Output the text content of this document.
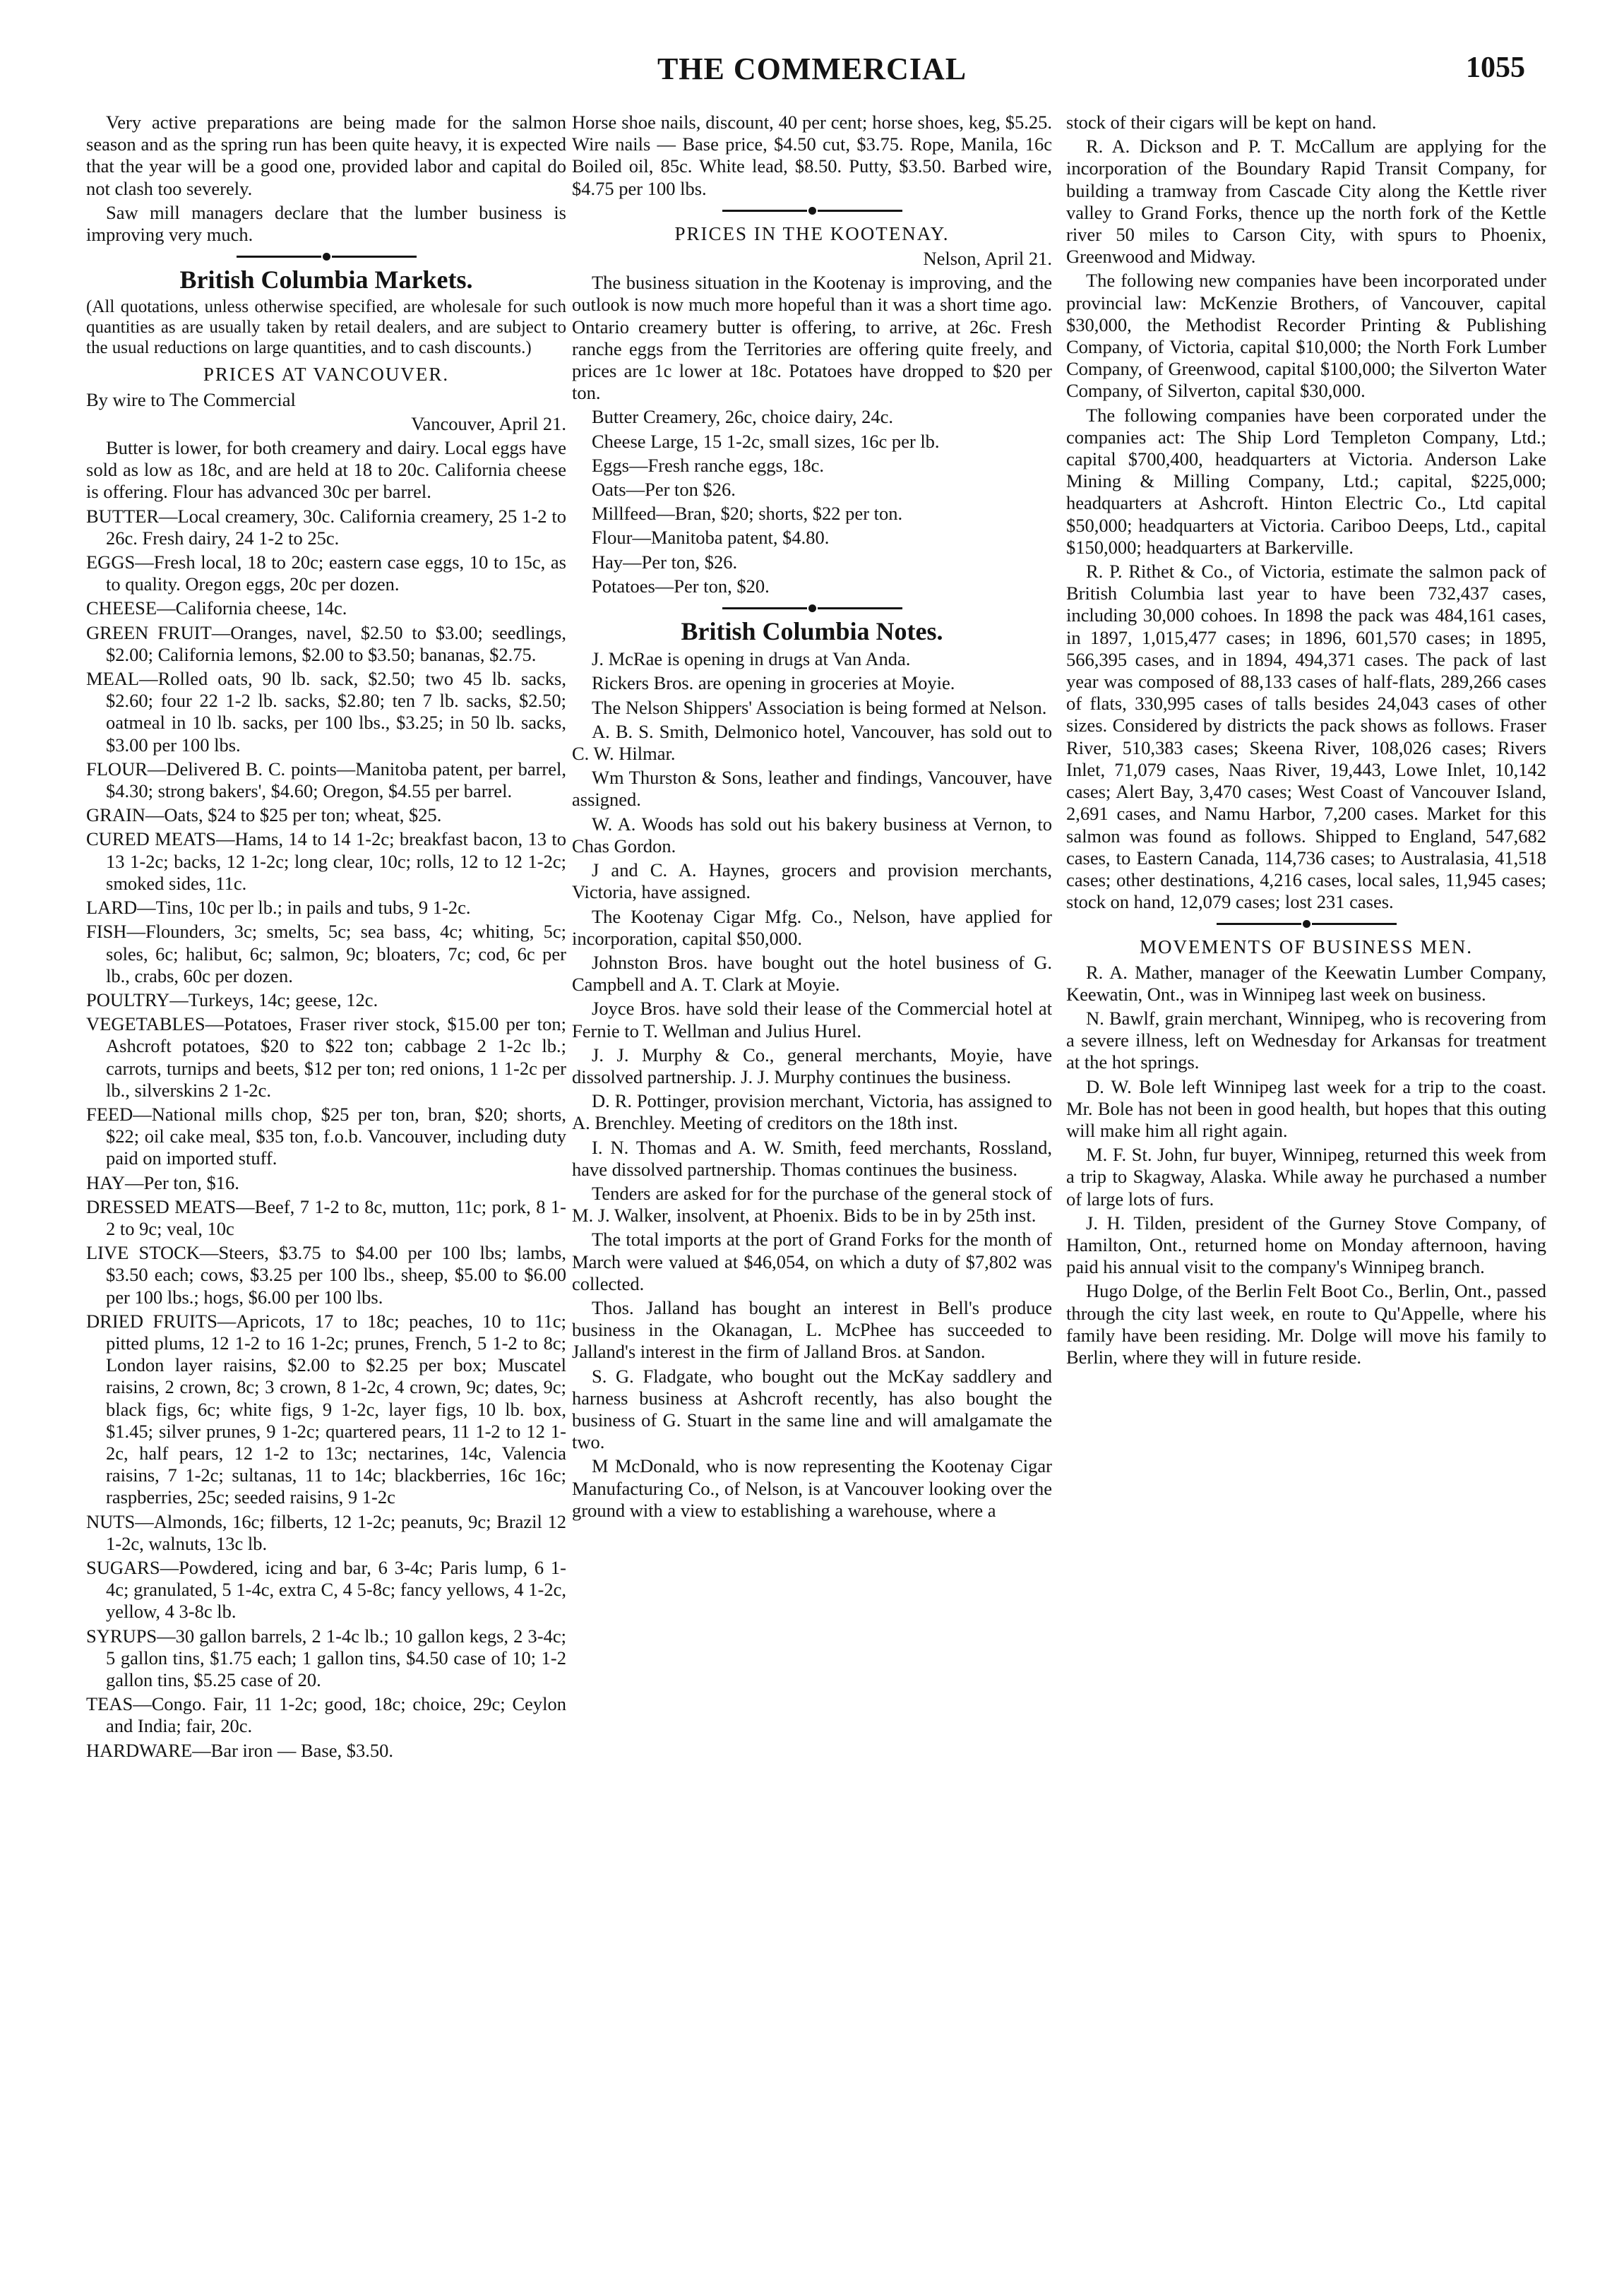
THE COMMERCIAL	1055

Very active preparations are being made for the salmon season and as the spring run has been quite heavy, it is expected that the year will be a good one, provided labor and capital do not clash too severely.

Saw mill managers declare that the lumber business is improving very much.

British Columbia Markets.

(All quotations, unless otherwise specified, are wholesale for such quantities as are usually taken by retail dealers, and are subject to the usual reductions on large quantities, and to cash discounts.)

PRICES AT VANCOUVER.

By wire to The Commercial

Vancouver, April 21.

Butter is lower, for both creamery and dairy. Local eggs have sold as low as 18c, and are held at 18 to 20c. California cheese is offering. Flour has advanced 30c per barrel.

BUTTER—Local creamery, 30c. California creamery, 25 1-2 to 26c. Fresh dairy, 24 1-2 to 25c.

EGGS—Fresh local, 18 to 20c; eastern case eggs, 10 to 15c, as to quality. Oregon eggs, 20c per dozen.

CHEESE—California cheese, 14c.

GREEN FRUIT—Oranges, navel, $2.50 to $3.00; seedlings, $2.00; California lemons, $2.00 to $3.50; bananas, $2.75.

MEAL—Rolled oats, 90 lb. sack, $2.50; two 45 lb. sacks, $2.60; four 22 1-2 lb. sacks, $2.80; ten 7 lb. sacks, $2.50; oatmeal in 10 lb. sacks, per 100 lbs., $3.25; in 50 lb. sacks, $3.00 per 100 lbs.

FLOUR—Delivered B. C. points—Manitoba patent, per barrel, $4.30; strong bakers', $4.60; Oregon, $4.55 per barrel.

GRAIN—Oats, $24 to $25 per ton; wheat, $25.

CURED MEATS—Hams, 14 to 14 1-2c; breakfast bacon, 13 to 13 1-2c; backs, 12 1-2c; long clear, 10c; rolls, 12 to 12 1-2c; smoked sides, 11c.

LARD—Tins, 10c per lb.; in pails and tubs, 9 1-2c.

FISH—Flounders, 3c; smelts, 5c; sea bass, 4c; whiting, 5c; soles, 6c; halibut, 6c; salmon, 9c; bloaters, 7c; cod, 6c per lb., crabs, 60c per dozen.

POULTRY—Turkeys, 14c; geese, 12c.

VEGETABLES—Potatoes, Fraser river stock, $15.00 per ton; Ashcroft potatoes, $20 to $22 ton; cabbage 2 1-2c lb.; carrots, turnips and beets, $12 per ton; red onions, 1 1-2c per lb., silverskins 2 1-2c.

FEED—National mills chop, $25 per ton, bran, $20; shorts, $22; oil cake meal, $35 ton, f.o.b. Vancouver, including duty paid on imported stuff.

HAY—Per ton, $16.

DRESSED MEATS—Beef, 7 1-2 to 8c, mutton, 11c; pork, 8 1-2 to 9c; veal, 10c

LIVE STOCK—Steers, $3.75 to $4.00 per 100 lbs; lambs, $3.50 each; cows, $3.25 per 100 lbs., sheep, $5.00 to $6.00 per 100 lbs.; hogs, $6.00 per 100 lbs.

DRIED FRUITS—Apricots, 17 to 18c; peaches, 10 to 11c; pitted plums, 12 1-2 to 16 1-2c; prunes, French, 5 1-2 to 8c; London layer raisins, $2.00 to $2.25 per box; Muscatel raisins, 2 crown, 8c; 3 crown, 8 1-2c, 4 crown, 9c; dates, 9c; black figs, 6c; white figs, 9 1-2c, layer figs, 10 lb. box, $1.45; silver prunes, 9 1-2c; quartered pears, 11 1-2 to 12 1-2c, half pears, 12 1-2 to 13c; nectarines, 14c, Valencia raisins, 7 1-2c; sultanas, 11 to 14c; blackberries, 16c 16c; raspberries, 25c; seeded raisins, 9 1-2c

NUTS—Almonds, 16c; filberts, 12 1-2c; peanuts, 9c; Brazil 12 1-2c, walnuts, 13c lb.

SUGARS—Powdered, icing and bar, 6 3-4c; Paris lump, 6 1-4c; granulated, 5 1-4c, extra C, 4 5-8c; fancy yellows, 4 1-2c, yellow, 4 3-8c lb.

SYRUPS—30 gallon barrels, 2 1-4c lb.; 10 gallon kegs, 2 3-4c; 5 gallon tins, $1.75 each; 1 gallon tins, $4.50 case of 10; 1-2 gallon tins, $5.25 case of 20.

TEAS—Congo. Fair, 11 1-2c; good, 18c; choice, 29c; Ceylon and India; fair, 20c.

HARDWARE—Bar iron — Base, $3.50.

Horse shoe nails, discount, 40 per cent; horse shoes, keg, $5.25. Wire nails — Base price, $4.50 cut, $3.75. Rope, Manila, 16c Boiled oil, 85c. White lead, $8.50. Putty, $3.50. Barbed wire, $4.75 per 100 lbs.

PRICES IN THE KOOTENAY.

Nelson, April 21.

The business situation in the Kootenay is improving, and the outlook is now much more hopeful than it was a short time ago. Ontario creamery butter is offering, to arrive, at 26c. Fresh ranche eggs from the Territories are offering quite freely, and prices are 1c lower at 18c. Potatoes have dropped to $20 per ton.

Butter Creamery, 26c, choice dairy, 24c.

Cheese Large, 15 1-2c, small sizes, 16c per lb.

Eggs—Fresh ranche eggs, 18c.

Oats—Per ton $26.

Millfeed—Bran, $20; shorts, $22 per ton.

Flour—Manitoba patent, $4.80.

Hay—Per ton, $26.

Potatoes—Per ton, $20.

British Columbia Notes.

J. McRae is opening in drugs at Van Anda.

Rickers Bros. are opening in groceries at Moyie.

The Nelson Shippers' Association is being formed at Nelson.

A. B. S. Smith, Delmonico hotel, Vancouver, has sold out to C. W. Hilmar.

Wm Thurston & Sons, leather and findings, Vancouver, have assigned.

W. A. Woods has sold out his bakery business at Vernon, to Chas Gordon.

J and C. A. Haynes, grocers and provision merchants, Victoria, have assigned.

The Kootenay Cigar Mfg. Co., Nelson, have applied for incorporation, capital $50,000.

Johnston Bros. have bought out the hotel business of G. Campbell and A. T. Clark at Moyie.

Joyce Bros. have sold their lease of the Commercial hotel at Fernie to T. Wellman and Julius Hurel.

J. J. Murphy & Co., general merchants, Moyie, have dissolved partnership. J. J. Murphy continues the business.

D. R. Pottinger, provision merchant, Victoria, has assigned to A. Brenchley. Meeting of creditors on the 18th inst.

I. N. Thomas and A. W. Smith, feed merchants, Rossland, have dissolved partnership. Thomas continues the business.

Tenders are asked for for the purchase of the general stock of M. J. Walker, insolvent, at Phoenix. Bids to be in by 25th inst.

The total imports at the port of Grand Forks for the month of March were valued at $46,054, on which a duty of $7,802 was collected.

Thos. Jalland has bought an interest in Bell's produce business in the Okanagan, L. McPhee has succeeded to Jalland's interest in the firm of Jalland Bros. at Sandon.

S. G. Fladgate, who bought out the McKay saddlery and harness business at Ashcroft recently, has also bought the business of G. Stuart in the same line and will amalgamate the two.

M McDonald, who is now representing the Kootenay Cigar Manufacturing Co., of Nelson, is at Vancouver looking over the ground with a view to establishing a warehouse, where a

stock of their cigars will be kept on hand.

R. A. Dickson and P. T. McCallum are applying for the incorporation of the Boundary Rapid Transit Company, for building a tramway from Cascade City along the Kettle river valley to Grand Forks, thence up the north fork of the Kettle river 50 miles to Carson City, with spurs to Phoenix, Greenwood and Midway.

The following new companies have been incorporated under provincial law: McKenzie Brothers, of Vancouver, capital $30,000, the Methodist Recorder Printing & Publishing Company, of Victoria, capital $10,000; the North Fork Lumber Company, of Greenwood, capital $100,000; the Silverton Water Company, of Silverton, capital $30,000.

The following companies have been corporated under the companies act: The Ship Lord Templeton Company, Ltd.; capital $700,400, headquarters at Victoria. Anderson Lake Mining & Milling Company, Ltd.; capital, $225,000; headquarters at Ashcroft. Hinton Electric Co., Ltd capital $50,000; headquarters at Victoria. Cariboo Deeps, Ltd., capital $150,000; headquarters at Barkerville.

R. P. Rithet & Co., of Victoria, estimate the salmon pack of British Columbia last year to have been 732,437 cases, including 30,000 cohoes. In 1898 the pack was 484,161 cases, in 1897, 1,015,477 cases; in 1896, 601,570 cases; in 1895, 566,395 cases, and in 1894, 494,371 cases. The pack of last year was composed of 88,133 cases of half-flats, 289,266 cases of flats, 330,995 cases of talls besides 24,043 cases of other sizes. Considered by districts the pack shows as follows. Fraser River, 510,383 cases; Skeena River, 108,026 cases; Rivers Inlet, 71,079 cases, Naas River, 19,443, Lowe Inlet, 10,142 cases; Alert Bay, 3,470 cases; West Coast of Vancouver Island, 2,691 cases, and Namu Harbor, 7,200 cases. Market for this salmon was found as follows. Shipped to England, 547,682 cases, to Eastern Canada, 114,736 cases; to Australasia, 41,518 cases; other destinations, 4,216 cases, local sales, 11,945 cases; stock on hand, 12,079 cases; lost 231 cases.

MOVEMENTS OF BUSINESS MEN.

R. A. Mather, manager of the Keewatin Lumber Company, Keewatin, Ont., was in Winnipeg last week on business.

N. Bawlf, grain merchant, Winnipeg, who is recovering from a severe illness, left on Wednesday for Arkansas for treatment at the hot springs.

D. W. Bole left Winnipeg last week for a trip to the coast. Mr. Bole has not been in good health, but hopes that this outing will make him all right again.

M. F. St. John, fur buyer, Winnipeg, returned this week from a trip to Skagway, Alaska. While away he purchased a number of large lots of furs.

J. H. Tilden, president of the Gurney Stove Company, of Hamilton, Ont., returned home on Monday afternoon, having paid his annual visit to the company's Winnipeg branch.

Hugo Dolge, of the Berlin Felt Boot Co., Berlin, Ont., passed through the city last week, en route to Qu'Appelle, where his family have been residing. Mr. Dolge will move his family to Berlin, where they will in future reside.
